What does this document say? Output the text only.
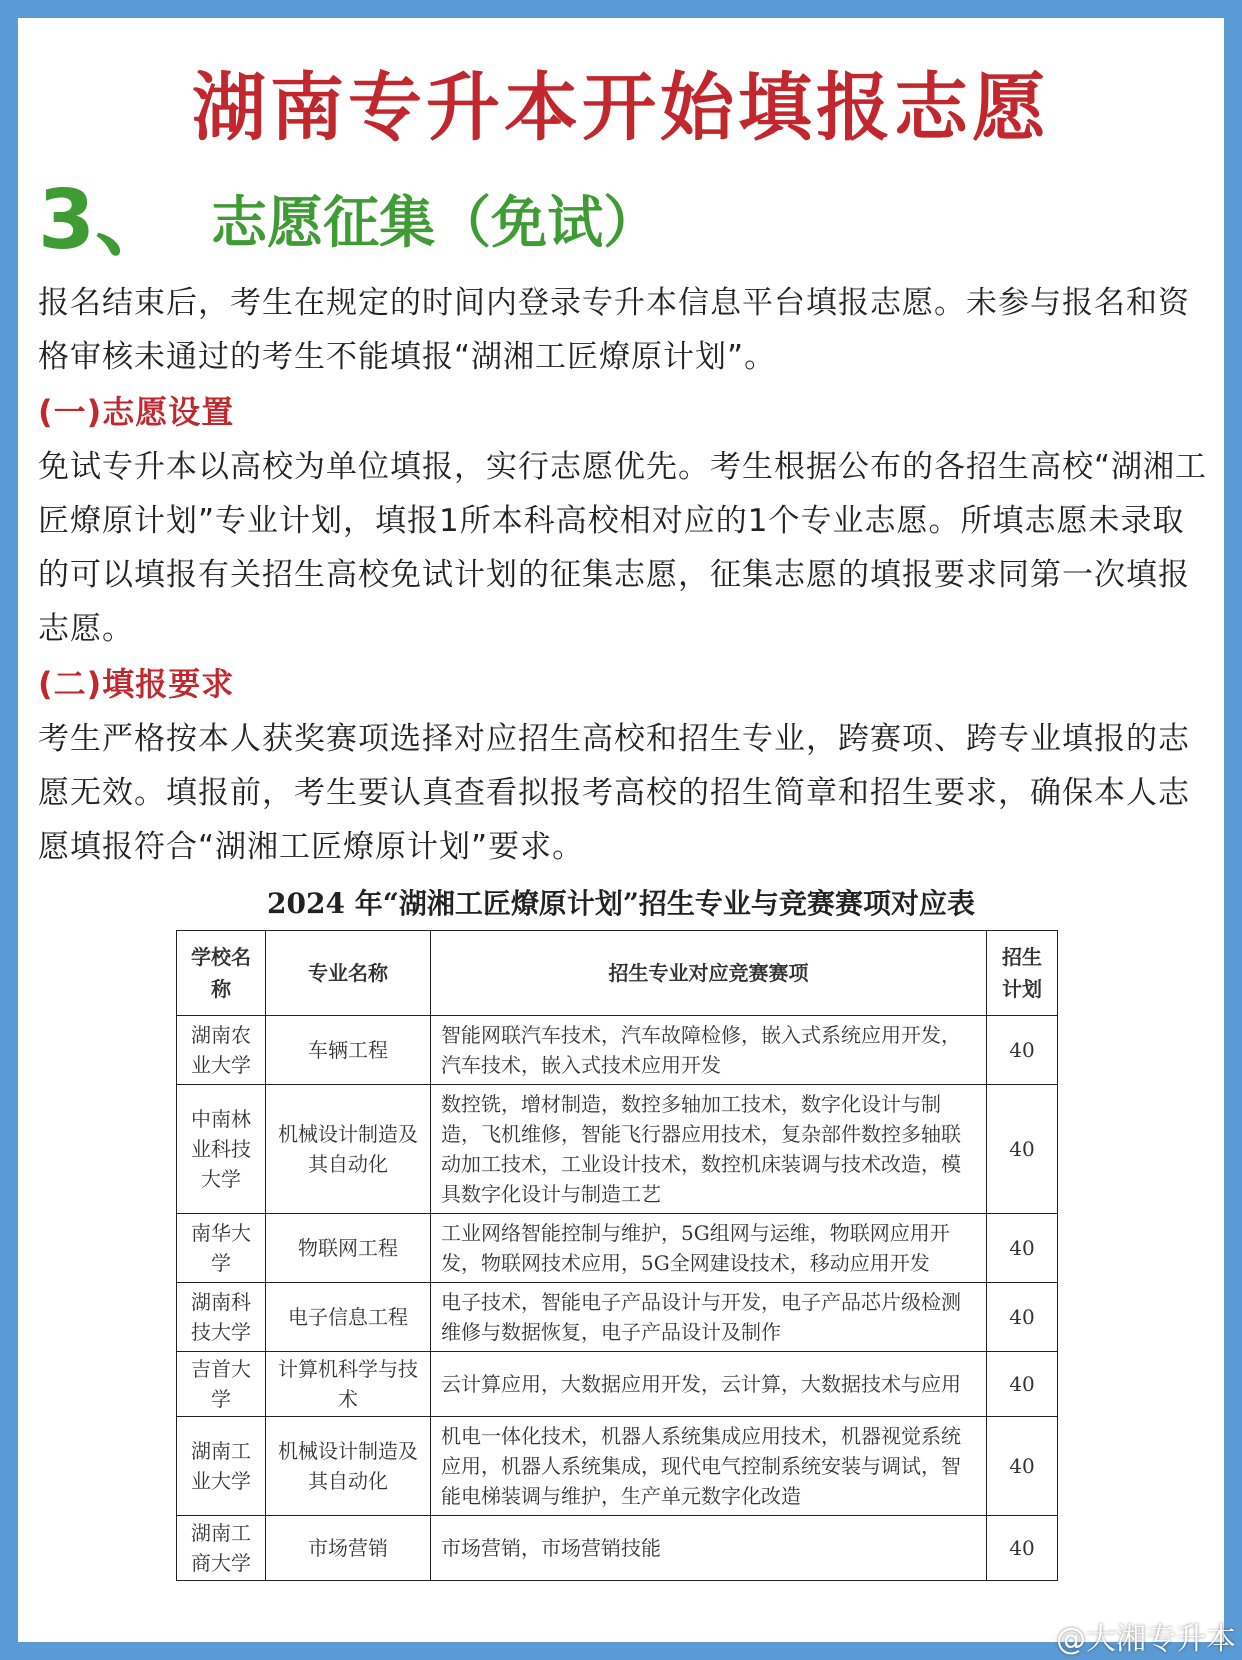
湖南专升本开始填报志愿
3、 志愿征集（免试）

报名结束后，考生在规定的时间内登录专升本信息平台填报志愿。未参与报名和资格审核未通过的考生不能填报“湖湘工匠燎原计划”。

(一)志愿设置

免试专升本以高校为单位填报，实行志愿优先。考生根据公布的各招生高校“湖湘工匠燎原计划”专业计划，填报1所本科高校相对应的1个专业志愿。所填志愿未录取的可以填报有关招生高校免试计划的征集志愿，征集志愿的填报要求同第一次填报志愿。

(二)填报要求

考生严格按本人获奖赛项选择对应招生高校和招生专业，跨赛项、跨专业填报的志愿无效。填报前，考生要认真查看拟报考高校的招生简章和招生要求，确保本人志愿填报符合“湖湘工匠燎原计划”要求。

2024 年“湖湘工匠燎原计划”招生专业与竞赛赛项对应表
学校名称	专业名称	招生专业对应竞赛赛项	招生计划
湖南农业大学	车辆工程	智能网联汽车技术，汽车故障检修，嵌入式系统应用开发，汽车技术，嵌入式技术应用开发	40
中南林业科技大学	机械设计制造及其自动化	数控铣，增材制造，数控多轴加工技术，数字化设计与制造，飞机维修，智能飞行器应用技术，复杂部件数控多轴联动加工技术，工业设计技术，数控机床装调与技术改造，模具数字化设计与制造工艺	40
南华大学	物联网工程	工业网络智能控制与维护，5G组网与运维，物联网应用开发，物联网技术应用，5G全网建设技术，移动应用开发	40
湖南科技大学	电子信息工程	电子技术，智能电子产品设计与开发，电子产品芯片级检测维修与数据恢复，电子产品设计及制作	40
吉首大学	计算机科学与技术	云计算应用，大数据应用开发，云计算，大数据技术与应用	40
湖南工业大学	机械设计制造及其自动化	机电一体化技术，机器人系统集成应用技术，机器视觉系统应用，机器人系统集成，现代电气控制系统安装与调试，智能电梯装调与维护，生产单元数字化改造	40
湖南工商大学	市场营销	市场营销，市场营销技能	40
@大湘专升本
